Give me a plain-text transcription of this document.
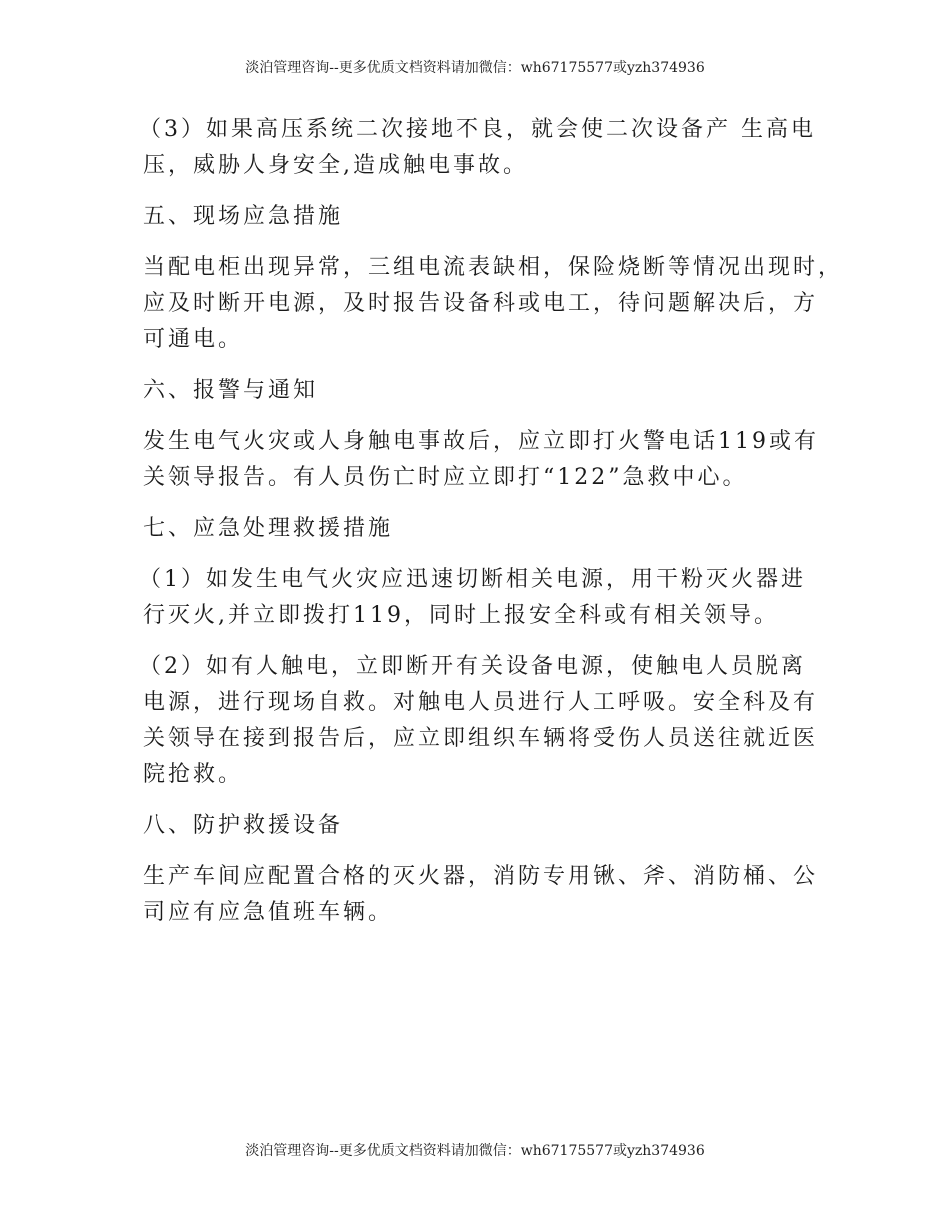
淡泊管理咨询--更多优质文档资料请加微信：wh67175577或yzh374936
（3）如果高压系统二次接地不良，就会使二次设备产 生高电
压，威胁人身安全,造成触电事故。
五、现场应急措施
当配电柜出现异常，三组电流表缺相，保险烧断等情况出现时，
应及时断开电源，及时报告设备科或电工，待问题解决后，方
可通电。
六、报警与通知
发生电气火灾或人身触电事故后，应立即打火警电话119或有
关领导报告。有人员伤亡时应立即打“122”急救中心。
七、应急处理救援措施
（1）如发生电气火灾应迅速切断相关电源，用干粉灭火器进
行灭火,并立即拨打119，同时上报安全科或有相关领导。
（2）如有人触电，立即断开有关设备电源，使触电人员脱离
电源，进行现场自救。对触电人员进行人工呼吸。安全科及有
关领导在接到报告后，应立即组织车辆将受伤人员送往就近医
院抢救。
八、防护救援设备
生产车间应配置合格的灭火器，消防专用锹、斧、消防桶、公
司应有应急值班车辆。
淡泊管理咨询--更多优质文档资料请加微信：wh67175577或yzh374936
